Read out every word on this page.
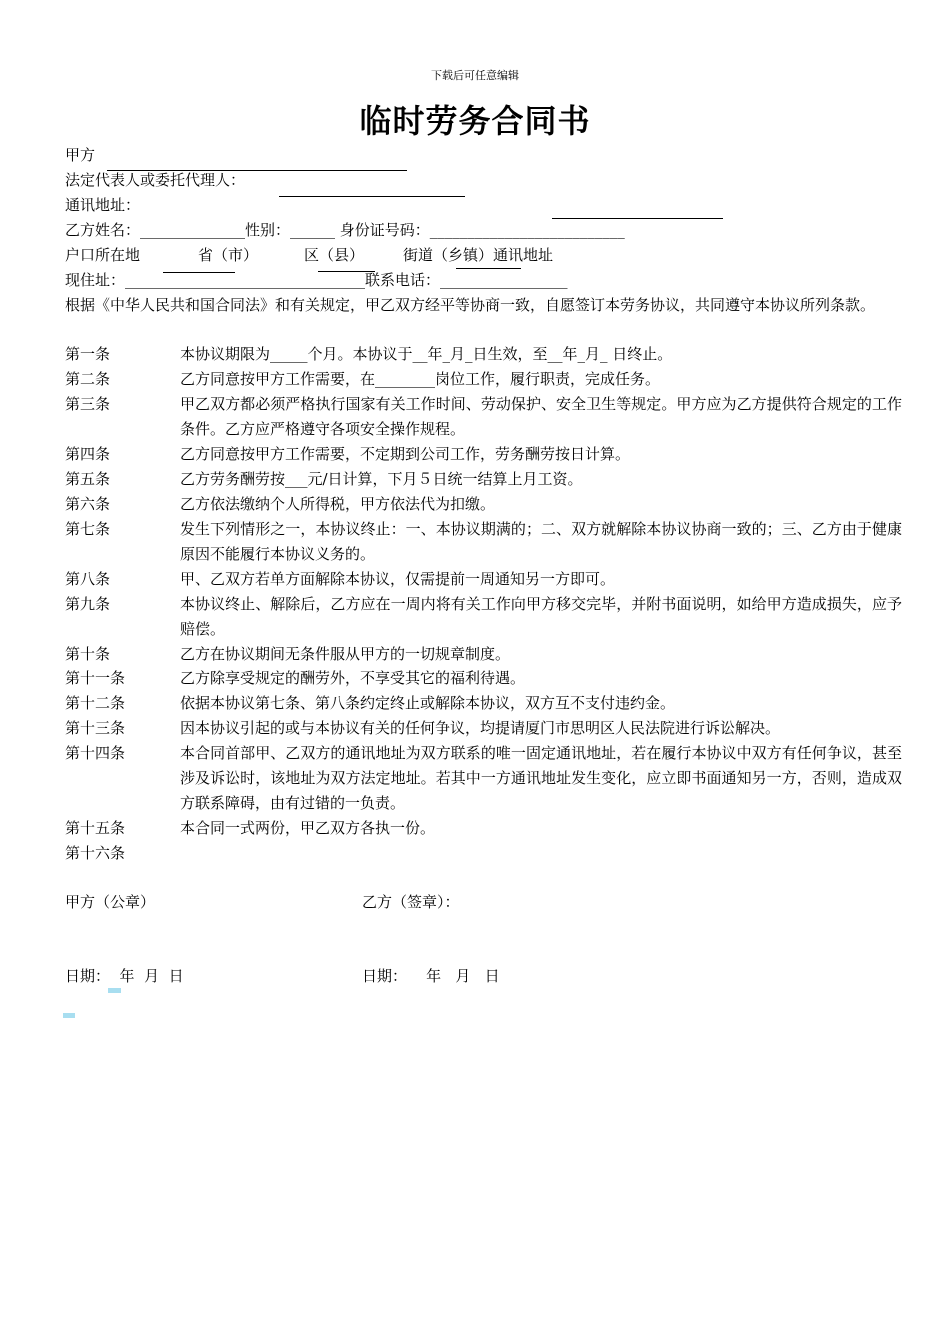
下载后可任意编辑
临时劳务合同书
甲方
法定代表人或委托代理人：
通讯地址：
乙方姓名：______________性别：______ 身份证号码：__________________________
户口所在地	省（市）	区（县）	街道（乡镇）通讯地址
现住址：________________________________联系电话：_________________
根据《中华人民共和国合同法》和有关规定，甲乙双方经平等协商一致，自愿签订本劳务协议，共同遵守本协议所列条款。
第一条	本协议期限为_____个月。本协议于__年_月_日生效，至__年_月_ 日终止。
第二条	乙方同意按甲方工作需要，在________岗位工作，履行职责，完成任务。
第三条	甲乙双方都必须严格执行国家有关工作时间、劳动保护、安全卫生等规定。甲方应为乙方提供符合规定的工作条件。乙方应严格遵守各项安全操作规程。
第四条	乙方同意按甲方工作需要，不定期到公司工作，劳务酬劳按日计算。
第五条	乙方劳务酬劳按___元/日计算，下月５日统一结算上月工资。
第六条	乙方依法缴纳个人所得税，甲方依法代为扣缴。
第七条	发生下列情形之一，本协议终止：一、本协议期满的；二、双方就解除本协议协商一致的；三、乙方由于健康原因不能履行本协议义务的。
第八条	甲、乙双方若单方面解除本协议，仅需提前一周通知另一方即可。
第九条	本协议终止、解除后，乙方应在一周内将有关工作向甲方移交完毕，并附书面说明，如给甲方造成损失，应予赔偿。
第十条	乙方在协议期间无条件服从甲方的一切规章制度。
第十一条	乙方除享受规定的酬劳外，不享受其它的福利待遇。
第十二条	依据本协议第七条、第八条约定终止或解除本协议，双方互不支付违约金。
第十三条	因本协议引起的或与本协议有关的任何争议，均提请厦门市思明区人民法院进行诉讼解决。
第十四条	本合同首部甲、乙双方的通讯地址为双方联系的唯一固定通讯地址，若在履行本协议中双方有任何争议，甚至涉及诉讼时，该地址为双方法定地址。若其中一方通讯地址发生变化，应立即书面通知另一方，否则，造成双方联系障碍，由有过错的一负责。
第十五条	本合同一式两份，甲乙双方各执一份。
第十六条
甲方（公章）	乙方（签章）：
日期：  年  月  日	日期：    年   月   日
